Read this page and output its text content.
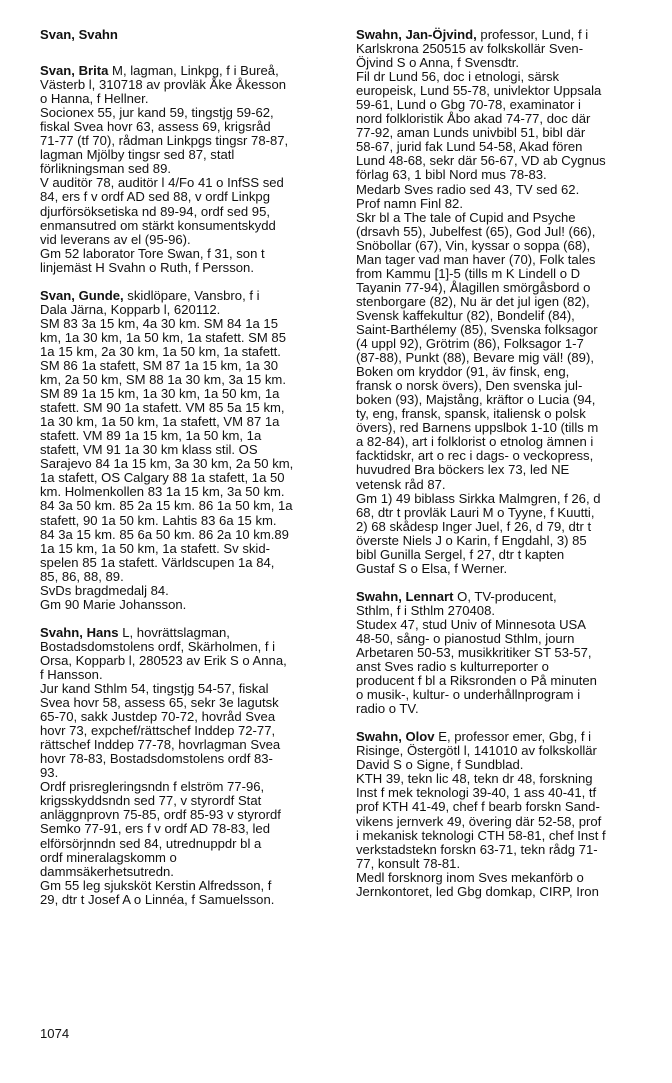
Svan, Svahn
Svan, Brita M, lagman, Linkpg, f i Bureå,
Västerb l, 310718 av provläk Åke Åkesson
o Hanna, f Hellner.
Socionex 55, jur kand 59, tingstjg 59-62,
fiskal Svea hovr 63, assess 69, krigsråd
71-77 (tf 70), rådman Linkpgs tingsr 78-87,
lagman Mjölby tingsr sed 87, statl
förlikningsman sed 89.
V auditör 78, auditör l 4/Fo 41 o InfSS sed
84, ers f v ordf AD sed 88, v ordf Linkpg
djurförsöksetiska nd 89-94, ordf sed 95,
enmansutred om stärkt konsumentskydd
vid leverans av el (95-96).
Gm 52 laborator Tore Swan, f 31, son t
linjemäst H Svahn o Ruth, f Persson.
Svan, Gunde, skidlöpare, Vansbro, f i
Dala Järna, Kopparb l, 620112.
SM 83 3a 15 km, 4a 30 km. SM 84 1a 15
km, 1a 30 km, 1a 50 km, 1a stafett. SM 85
1a 15 km, 2a 30 km, 1a 50 km, 1a stafett.
SM 86 1a stafett, SM 87 1a 15 km, 1a 30
km, 2a 50 km, SM 88 1a 30 km, 3a 15 km.
SM 89 1a 15 km, 1a 30 km, 1a 50 km, 1a
stafett. SM 90 1a stafett. VM 85 5a 15 km,
1a 30 km, 1a 50 km, 1a stafett, VM 87 1a
stafett. VM 89 1a 15 km, 1a 50 km, 1a
stafett, VM 91 1a 30 km klass stil. OS
Sarajevo 84 1a 15 km, 3a 30 km, 2a 50 km,
1a stafett, OS Calgary 88 1a stafett, 1a 50
km. Holmenkollen 83 1a 15 km, 3a 50 km.
84 3a 50 km. 85 2a 15 km. 86 1a 50 km, 1a
stafett, 90 1a 50 km. Lahtis 83 6a 15 km.
84 3a 15 km. 85 6a 50 km. 86 2a 10 km.89
1a 15 km, 1a 50 km, 1a stafett. Sv skid-
spelen 85 1a stafett. Världscupen 1a 84,
85, 86, 88, 89.
SvDs bragdmedalj 84.
Gm 90 Marie Johansson.
Svahn, Hans L, hovrättslagman,
Bostadsdomstolens ordf, Skärholmen, f i
Orsa, Kopparb l, 280523 av Erik S o Anna,
f Hansson.
Jur kand Sthlm 54, tingstjg 54-57, fiskal
Svea hovr 58, assess 65, sekr 3e lagutsk
65-70, sakk Justdep 70-72, hovråd Svea
hovr 73, expchef/rättschef Inddep 72-77,
rättschef Inddep 77-78, hovrlagman Svea
hovr 78-83, Bostadsdomstolens ordf 83-
93.
Ordf prisregleringsndn f elström 77-96,
krigsskyddsndn sed 77, v styrordf Stat
anläggnprovn 75-85, ordf 85-93 v styrordf
Semko 77-91, ers f v ordf AD 78-83, led
elförsörjnndn sed 84, utrednuppdr bl a
ordf mineralagskomm o
dammsäkerhetsutredn.
Gm 55 leg sjuksköt Kerstin Alfredsson, f
29, dtr t Josef A o Linnéa, f Samuelsson.
Swahn, Jan-Öjvind, professor, Lund, f i
Karlskrona 250515 av folkskollär Sven-
Öjvind S o Anna, f Svensdtr.
Fil dr Lund 56, doc i etnologi, särsk
europeisk, Lund 55-78, univlektor Uppsala
59-61, Lund o Gbg 70-78, examinator i
nord folkloristik Åbo akad 74-77, doc där
77-92, aman Lunds univbibl 51, bibl där
58-67, jurid fak Lund 54-58, Akad fören
Lund 48-68, sekr där 56-67, VD ab Cygnus
förlag 63, 1 bibl Nord mus 78-83.
Medarb Sves radio sed 43, TV sed 62.
Prof namn Finl 82.
Skr bl a The tale of Cupid and Psyche
(drsavh 55), Jubelfest (65), God Jul! (66),
Snöbollar (67), Vin, kyssar o soppa (68),
Man tager vad man haver (70), Folk tales
from Kammu [1]-5 (tills m K Lindell o D
Tayanin 77-94), Ålagillen smörgåsbord o
stenborgare (82), Nu är det jul igen (82),
Svensk kaffekultur (82), Bondelif (84),
Saint-Barthélemy (85), Svenska folksagor
(4 uppl 92), Grötrim (86), Folksagor 1-7
(87-88), Punkt (88), Bevare mig väl! (89),
Boken om kryddor (91, äv finsk, eng,
fransk o norsk övers), Den svenska jul-
boken (93), Majstång, kräftor o Lucia (94,
ty, eng, fransk, spansk, italiensk o polsk
övers), red Barnens uppslbok 1-10 (tills m
a 82-84), art i folklorist o etnolog ämnen i
facktidskr, art o rec i dags- o veckopress,
huvudred Bra böckers lex 73, led NE
vetensk råd 87.
Gm 1) 49 biblass Sirkka Malmgren, f 26, d
68, dtr t provläk Lauri M o Tyyne, f Kuutti,
2) 68 skådesp Inger Juel, f 26, d 79, dtr t
överste Niels J o Karin, f Engdahl, 3) 85
bibl Gunilla Sergel, f 27, dtr t kapten
Gustaf S o Elsa, f Werner.
Swahn, Lennart O, TV-producent,
Sthlm, f i Sthlm 270408.
Studex 47, stud Univ of Minnesota USA
48-50, sång- o pianostud Sthlm, journ
Arbetaren 50-53, musikkritiker ST 53-57,
anst Sves radio s kulturreporter o
producent f bl a Riksronden o På minuten
o musik-, kultur- o underhållnprogram i
radio o TV.
Swahn, Olov E, professor emer, Gbg, f i
Risinge, Östergötl l, 141010 av folkskollär
David S o Signe, f Sundblad.
KTH 39, tekn lic 48, tekn dr 48, forskning
Inst f mek teknologi 39-40, 1 ass 40-41, tf
prof KTH 41-49, chef f bearb forskn Sand-
vikens jernverk 49, övering där 52-58, prof
i mekanisk teknologi CTH 58-81, chef Inst f
verkstadstekn forskn 63-71, tekn rådg 71-
77, konsult 78-81.
Medl forsknorg inom Sves mekanförb o
Jernkontoret, led Gbg domkap, CIRP, Iron
1074
